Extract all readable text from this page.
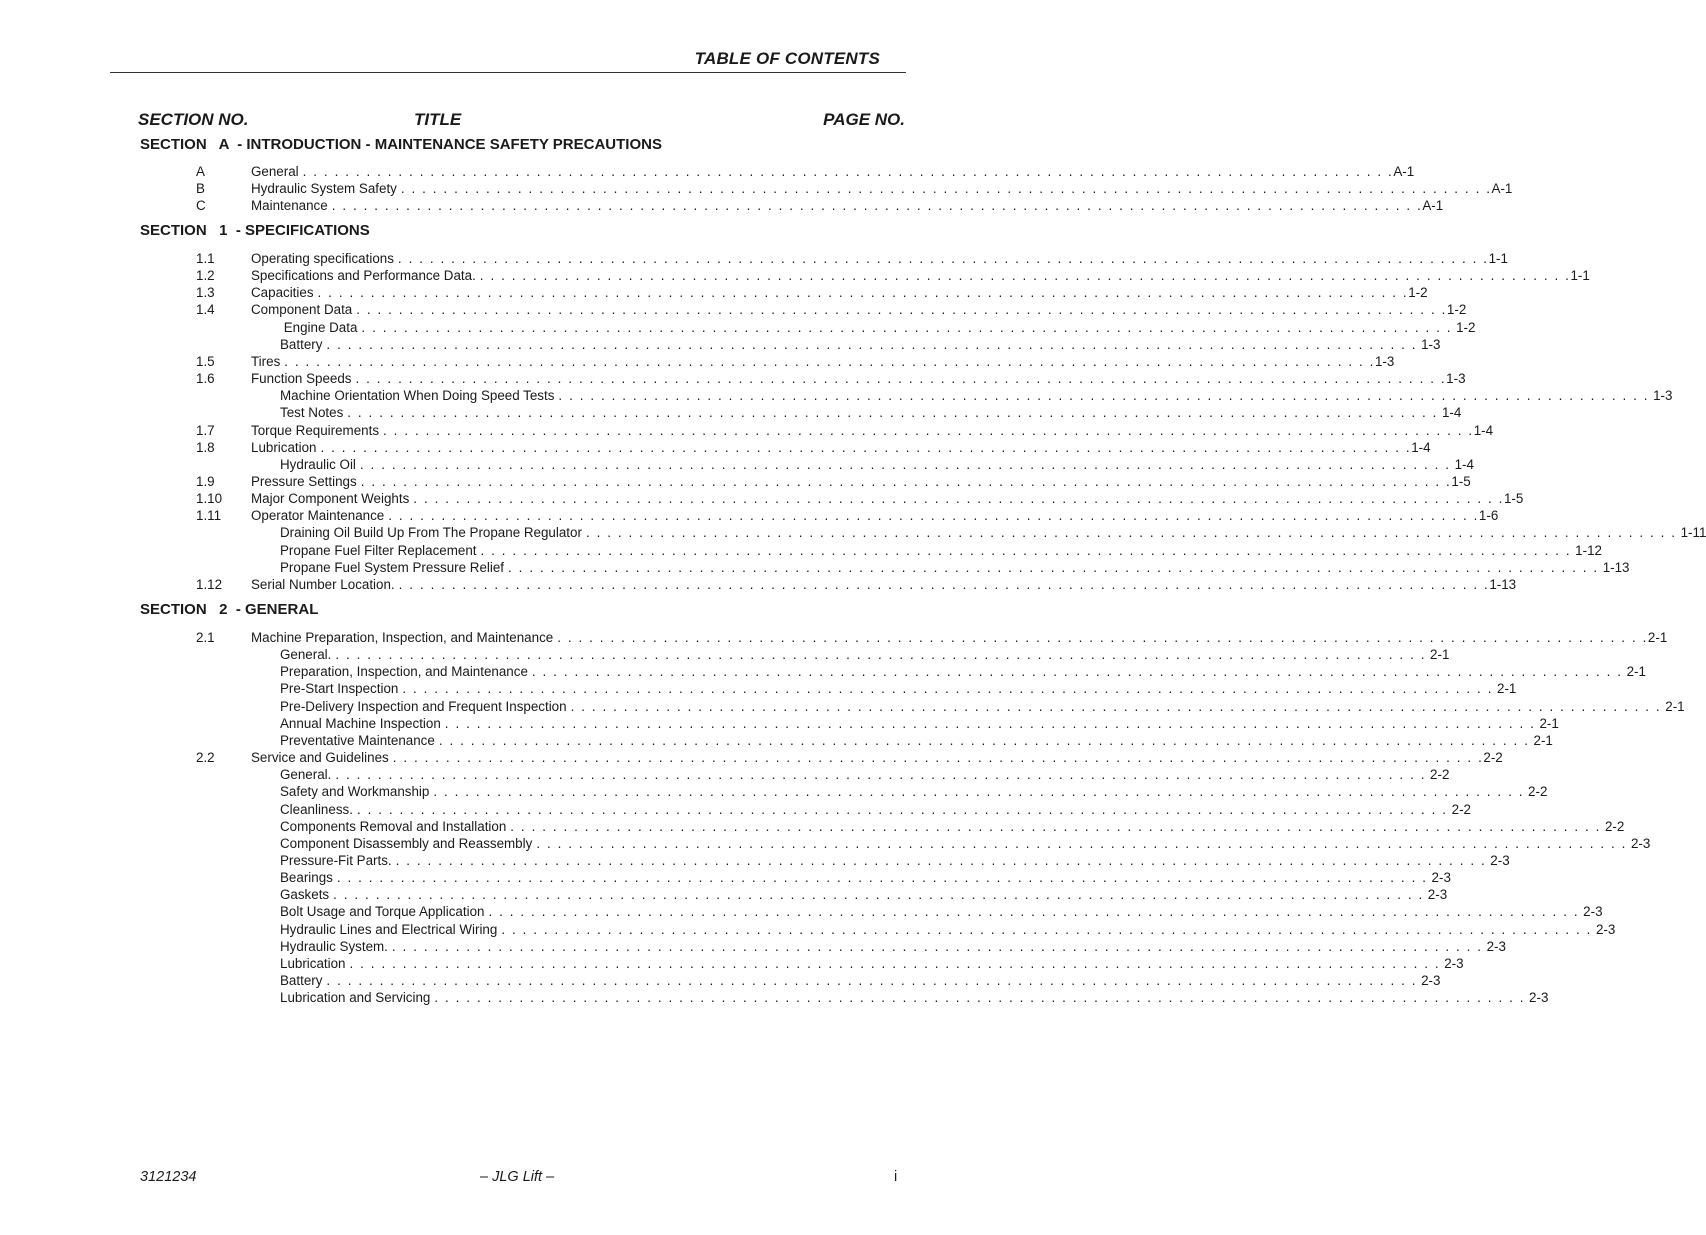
TABLE OF CONTENTS
SECTION NO.	TITLE	PAGE NO.
SECTION   A  - INTRODUCTION - MAINTENANCE SAFETY PRECAUTIONS
A	General . . . . . . . . . . . . . . . . . . . . . . . . . . . . . . . . . . . . . . . . . . . . . . . . . . . . . . . . . . . . . . . . . . . . . . . . . . . . . . . . . . . . . . . . . . . . . . . . . . . . . . . A-1
B	Hydraulic System Safety . . . . . . . . . . . . . . . . . . . . . . . . . . . . . . . . . . . . . . . . . . . . . . . . . . . . . . . . . . . . . . . . . . . . . . . . . . . . . . . . . . . . . . . . . . . . . . . . . . . . . . . A-1
C	Maintenance . . . . . . . . . . . . . . . . . . . . . . . . . . . . . . . . . . . . . . . . . . . . . . . . . . . . . . . . . . . . . . . . . . . . . . . . . . . . . . . . . . . . . . . . . . . . . . . . . . . . . . . A-1
SECTION   1  - SPECIFICATIONS
1.1	Operating specifications . . . . . . . . . . . . . . . . . . . . . . . . . . . . . . . . . . . . . . . . . . . . . . . . . . . . . . . . . . . . . . . . . . . . . . . . . . . . . . . . . . . . . . . . . . . . . . . . . . . . . . . 1-1
1.2	Specifications and Performance Data. . . . . . . . . . . . . . . . . . . . . . . . . . . . . . . . . . . . . . . . . . . . . . . . . . . . . . . . . . . . . . . . . . . . . . . . . . . . . . . . . . . . . . . . . . . . . . . . . . . . . . . . 1-1
1.3	Capacities . . . . . . . . . . . . . . . . . . . . . . . . . . . . . . . . . . . . . . . . . . . . . . . . . . . . . . . . . . . . . . . . . . . . . . . . . . . . . . . . . . . . . . . . . . . . . . . . . . . . . . . 1-2
1.4	Component Data . . . . . . . . . . . . . . . . . . . . . . . . . . . . . . . . . . . . . . . . . . . . . . . . . . . . . . . . . . . . . . . . . . . . . . . . . . . . . . . . . . . . . . . . . . . . . . . . . . . . . . . 1-2
Engine Data . . . . . . . . . . . . . . . . . . . . . . . . . . . . . . . . . . . . . . . . . . . . . . . . . . . . . . . . . . . . . . . . . . . . . . . . . . . . . . . . . . . . . . . . . . . . . . . . . . . . . . . 1-2
Battery . . . . . . . . . . . . . . . . . . . . . . . . . . . . . . . . . . . . . . . . . . . . . . . . . . . . . . . . . . . . . . . . . . . . . . . . . . . . . . . . . . . . . . . . . . . . . . . . . . . . . . . 1-3
1.5	Tires . . . . . . . . . . . . . . . . . . . . . . . . . . . . . . . . . . . . . . . . . . . . . . . . . . . . . . . . . . . . . . . . . . . . . . . . . . . . . . . . . . . . . . . . . . . . . . . . . . . . . . . 1-3
1.6	Function Speeds . . . . . . . . . . . . . . . . . . . . . . . . . . . . . . . . . . . . . . . . . . . . . . . . . . . . . . . . . . . . . . . . . . . . . . . . . . . . . . . . . . . . . . . . . . . . . . . . . . . . . . . 1-3
Machine Orientation When Doing Speed Tests . . . . . . . . . . . . . . . . . . . . . . . . . . . . . . . . . . . . . . . . . . . . . . . . . . . . . . . . . . . . . . . . . . . . . . . . . . . . . . . . . . . . . . . . . . . . . . . . . . . . . . . 1-3
Test Notes . . . . . . . . . . . . . . . . . . . . . . . . . . . . . . . . . . . . . . . . . . . . . . . . . . . . . . . . . . . . . . . . . . . . . . . . . . . . . . . . . . . . . . . . . . . . . . . . . . . . . . . 1-4
1.7	Torque Requirements . . . . . . . . . . . . . . . . . . . . . . . . . . . . . . . . . . . . . . . . . . . . . . . . . . . . . . . . . . . . . . . . . . . . . . . . . . . . . . . . . . . . . . . . . . . . . . . . . . . . . . . 1-4
1.8	Lubrication . . . . . . . . . . . . . . . . . . . . . . . . . . . . . . . . . . . . . . . . . . . . . . . . . . . . . . . . . . . . . . . . . . . . . . . . . . . . . . . . . . . . . . . . . . . . . . . . . . . . . . . 1-4
Hydraulic Oil . . . . . . . . . . . . . . . . . . . . . . . . . . . . . . . . . . . . . . . . . . . . . . . . . . . . . . . . . . . . . . . . . . . . . . . . . . . . . . . . . . . . . . . . . . . . . . . . . . . . . . . 1-4
1.9	Pressure Settings . . . . . . . . . . . . . . . . . . . . . . . . . . . . . . . . . . . . . . . . . . . . . . . . . . . . . . . . . . . . . . . . . . . . . . . . . . . . . . . . . . . . . . . . . . . . . . . . . . . . . . . 1-5
1.10 Major Component Weights . . . . . . . . . . . . . . . . . . . . . . . . . . . . . . . . . . . . . . . . . . . . . . . . . . . . . . . . . . . . . . . . . . . . . . . . . . . . . . . . . . . . . . . . . . . . . . . . . . . . . . . 1-5
1.11 Operator Maintenance . . . . . . . . . . . . . . . . . . . . . . . . . . . . . . . . . . . . . . . . . . . . . . . . . . . . . . . . . . . . . . . . . . . . . . . . . . . . . . . . . . . . . . . . . . . . . . . . . . . . . . . 1-6
Draining Oil Build Up From The Propane Regulator . . . . . . . . . . . . . . . . . . . . . . . . . . . . . . . . . . . . . . . . . . . . . . . . . . . . . . . . . . . . . . . . . . . . . . . . . . . . . . . . . . . . . . . . . . . . . . . . . . . . . . . 1-11
Propane Fuel Filter Replacement . . . . . . . . . . . . . . . . . . . . . . . . . . . . . . . . . . . . . . . . . . . . . . . . . . . . . . . . . . . . . . . . . . . . . . . . . . . . . . . . . . . . . . . . . . . . . . . . . . . . . . . 1-12
Propane Fuel System Pressure Relief . . . . . . . . . . . . . . . . . . . . . . . . . . . . . . . . . . . . . . . . . . . . . . . . . . . . . . . . . . . . . . . . . . . . . . . . . . . . . . . . . . . . . . . . . . . . . . . . . . . . . . . 1-13
1.12 Serial Number Location. . . . . . . . . . . . . . . . . . . . . . . . . . . . . . . . . . . . . . . . . . . . . . . . . . . . . . . . . . . . . . . . . . . . . . . . . . . . . . . . . . . . . . . . . . . . . . . . . . . . . . . . 1-13
SECTION   2  - GENERAL
2.1	Machine Preparation, Inspection, and Maintenance . . . . . . . . . . . . . . . . . . . . . . . . . . . . . . . . . . . . . . . . . . . . . . . . . . . . . . . . . . . . . . . . . . . . . . . . . . . . . . . . . . . . . . . . . . . . . . . . . . . . . . . 2-1
General. . . . . . . . . . . . . . . . . . . . . . . . . . . . . . . . . . . . . . . . . . . . . . . . . . . . . . . . . . . . . . . . . . . . . . . . . . . . . . . . . . . . . . . . . . . . . . . . . . . . . . . . 2-1
Preparation, Inspection, and Maintenance . . . . . . . . . . . . . . . . . . . . . . . . . . . . . . . . . . . . . . . . . . . . . . . . . . . . . . . . . . . . . . . . . . . . . . . . . . . . . . . . . . . . . . . . . . . . . . . . . . . . . . . 2-1
Pre-Start Inspection . . . . . . . . . . . . . . . . . . . . . . . . . . . . . . . . . . . . . . . . . . . . . . . . . . . . . . . . . . . . . . . . . . . . . . . . . . . . . . . . . . . . . . . . . . . . . . . . . . . . . . . 2-1
Pre-Delivery Inspection and Frequent Inspection . . . . . . . . . . . . . . . . . . . . . . . . . . . . . . . . . . . . . . . . . . . . . . . . . . . . . . . . . . . . . . . . . . . . . . . . . . . . . . . . . . . . . . . . . . . . . . . . . . . . . . . 2-1
Annual Machine Inspection . . . . . . . . . . . . . . . . . . . . . . . . . . . . . . . . . . . . . . . . . . . . . . . . . . . . . . . . . . . . . . . . . . . . . . . . . . . . . . . . . . . . . . . . . . . . . . . . . . . . . . . 2-1
Preventative Maintenance . . . . . . . . . . . . . . . . . . . . . . . . . . . . . . . . . . . . . . . . . . . . . . . . . . . . . . . . . . . . . . . . . . . . . . . . . . . . . . . . . . . . . . . . . . . . . . . . . . . . . . . 2-1
2.2	Service and Guidelines . . . . . . . . . . . . . . . . . . . . . . . . . . . . . . . . . . . . . . . . . . . . . . . . . . . . . . . . . . . . . . . . . . . . . . . . . . . . . . . . . . . . . . . . . . . . . . . . . . . . . . . 2-2
General. . . . . . . . . . . . . . . . . . . . . . . . . . . . . . . . . . . . . . . . . . . . . . . . . . . . . . . . . . . . . . . . . . . . . . . . . . . . . . . . . . . . . . . . . . . . . . . . . . . . . . . . 2-2
Safety and Workmanship . . . . . . . . . . . . . . . . . . . . . . . . . . . . . . . . . . . . . . . . . . . . . . . . . . . . . . . . . . . . . . . . . . . . . . . . . . . . . . . . . . . . . . . . . . . . . . . . . . . . . . . 2-2
Cleanliness. . . . . . . . . . . . . . . . . . . . . . . . . . . . . . . . . . . . . . . . . . . . . . . . . . . . . . . . . . . . . . . . . . . . . . . . . . . . . . . . . . . . . . . . . . . . . . . . . . . . . . . . 2-2
Components Removal and Installation . . . . . . . . . . . . . . . . . . . . . . . . . . . . . . . . . . . . . . . . . . . . . . . . . . . . . . . . . . . . . . . . . . . . . . . . . . . . . . . . . . . . . . . . . . . . . . . . . . . . . . . 2-2
Component Disassembly and Reassembly . . . . . . . . . . . . . . . . . . . . . . . . . . . . . . . . . . . . . . . . . . . . . . . . . . . . . . . . . . . . . . . . . . . . . . . . . . . . . . . . . . . . . . . . . . . . . . . . . . . . . . . 2-3
Pressure-Fit Parts. . . . . . . . . . . . . . . . . . . . . . . . . . . . . . . . . . . . . . . . . . . . . . . . . . . . . . . . . . . . . . . . . . . . . . . . . . . . . . . . . . . . . . . . . . . . . . . . . . . . . . . . 2-3
Bearings . . . . . . . . . . . . . . . . . . . . . . . . . . . . . . . . . . . . . . . . . . . . . . . . . . . . . . . . . . . . . . . . . . . . . . . . . . . . . . . . . . . . . . . . . . . . . . . . . . . . . . . 2-3
Gaskets . . . . . . . . . . . . . . . . . . . . . . . . . . . . . . . . . . . . . . . . . . . . . . . . . . . . . . . . . . . . . . . . . . . . . . . . . . . . . . . . . . . . . . . . . . . . . . . . . . . . . . . 2-3
Bolt Usage and Torque Application . . . . . . . . . . . . . . . . . . . . . . . . . . . . . . . . . . . . . . . . . . . . . . . . . . . . . . . . . . . . . . . . . . . . . . . . . . . . . . . . . . . . . . . . . . . . . . . . . . . . . . . 2-3
Hydraulic Lines and Electrical Wiring . . . . . . . . . . . . . . . . . . . . . . . . . . . . . . . . . . . . . . . . . . . . . . . . . . . . . . . . . . . . . . . . . . . . . . . . . . . . . . . . . . . . . . . . . . . . . . . . . . . . . . . 2-3
Hydraulic System. . . . . . . . . . . . . . . . . . . . . . . . . . . . . . . . . . . . . . . . . . . . . . . . . . . . . . . . . . . . . . . . . . . . . . . . . . . . . . . . . . . . . . . . . . . . . . . . . . . . . . . . 2-3
Lubrication . . . . . . . . . . . . . . . . . . . . . . . . . . . . . . . . . . . . . . . . . . . . . . . . . . . . . . . . . . . . . . . . . . . . . . . . . . . . . . . . . . . . . . . . . . . . . . . . . . . . . . . 2-3
Battery . . . . . . . . . . . . . . . . . . . . . . . . . . . . . . . . . . . . . . . . . . . . . . . . . . . . . . . . . . . . . . . . . . . . . . . . . . . . . . . . . . . . . . . . . . . . . . . . . . . . . . . 2-3
Lubrication and Servicing . . . . . . . . . . . . . . . . . . . . . . . . . . . . . . . . . . . . . . . . . . . . . . . . . . . . . . . . . . . . . . . . . . . . . . . . . . . . . . . . . . . . . . . . . . . . . . . . . . . . . . . 2-3
3121234	– JLG Lift –	i
